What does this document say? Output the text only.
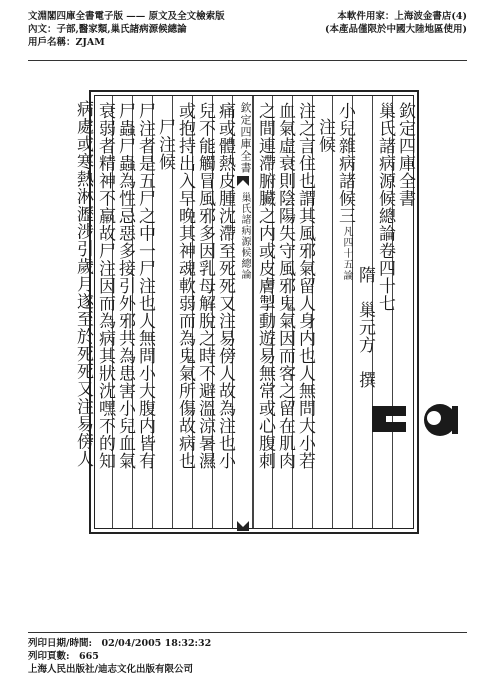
文淵閣四庫全書電子版 —— 原文及全文檢索版
內文：子部,醫家類,巢氏諸病源候總論
用戶名稱：ZJAM
本軟件用家：上海波金書店(4)
(本產品僅限於中國大陸地區使用)
欽定四庫全書
巢氏諸病源候總論卷四十七
隋　巢元方　撰
小兒雜病諸候三
凡四十五論
注候
注之言住也謂其風邪氣留人身内也人無問大小若
血氣虛衰則陰陽失守風邪鬼氣因而客之留在肌肉
之間連滯腑臟之内或皮膚掣動遊易無常或心腹刺
欽定四庫全書
巢氏諸病源候總論
痛或體熱皮腫沈滯至死死又注易傍人故為注也小
兒不能觸冒風邪多因乳母解脫之時不避溫涼暑濕
或抱持出入早晚其神魂軟弱而為鬼氣所傷故病也
尸注候
尸注者是五尸之中一尸注也人無問小大腹内皆有
尸蟲尸蟲為性忌惡多接引外邪共為患害小兒血氣
衰弱者精神不羸故尸注因而為病其狀沈嘿不的知
病處或寒熱淋瀝涉引歲月遂至於死死又注易傍人
列印日期/時間:　02/04/2005 18:32:32
列印頁數:　665
上海人民出版社/迪志文化出版有限公司
